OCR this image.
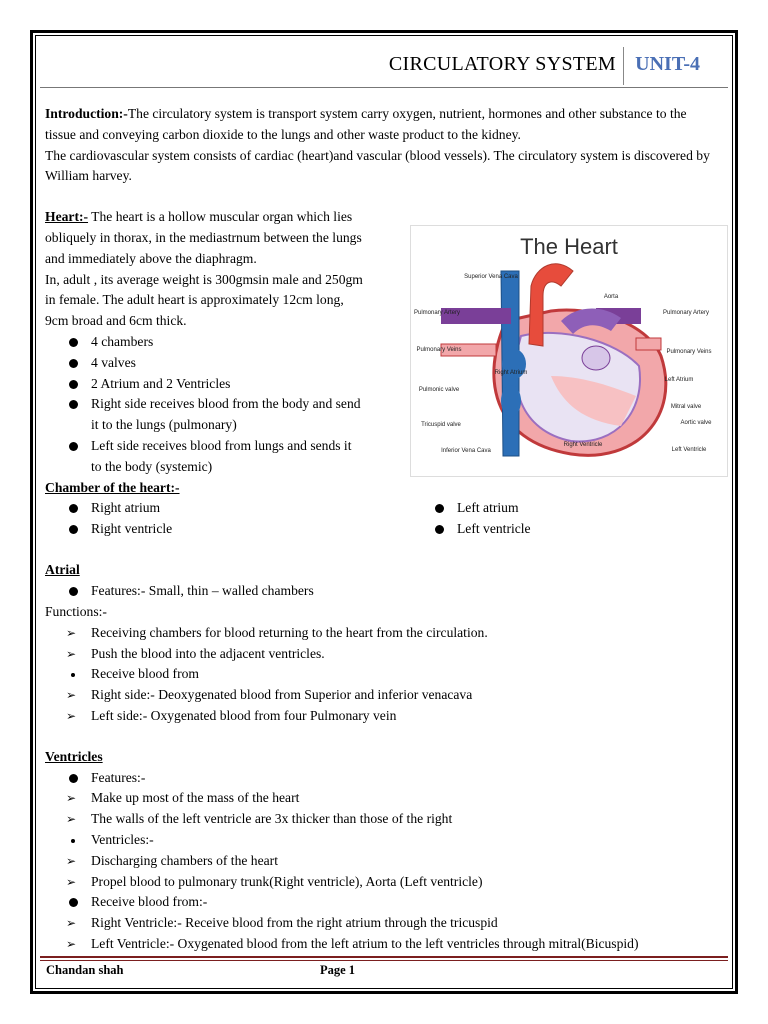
CIRCULATORY SYSTEM UNIT-4

Introduction:-The circulatory system is transport system carry oxygen, nutrient, hormones and other substance to the tissue and conveying carbon dioxide to the lungs and other waste product to the kidney.

The cardiovascular system consists of cardiac (heart)and vascular (blood vessels). The circulatory system is discovered by William harvey.

Heart:- The heart is a hollow muscular organ which lies obliquely in thorax, in the mediastrnum between the lungs and immediately above the diaphragm.

In, adult , its average weight is 300gmsin male and 250gm in female. The adult heart is approximately 12cm long, 9cm broad and 6cm thick.

4 chambers
4 valves
2 Atrium and 2 Ventricles
Right side receives blood from the body and send it to the lungs (pulmonary)
Left side receives blood from lungs and sends it to the body (systemic)

Chamber of the heart:-

Right atrium
Right ventricle
Left atrium
Left ventricle

Atrial

Features:- Small, thin – walled chambers

Functions:-

➢ Receiving chambers for blood returning to the heart from the circulation.
➢ Push the blood into the adjacent ventricles.
Receive blood from
➢ Right side:- Deoxygenated blood from Superior and inferior venacava
➢ Left side:- Oxygenated blood from four Pulmonary vein

Ventricles

Features:-
➢ Make up most of the mass of the heart
➢ The walls of the left ventricle are 3x thicker than those of the right
Ventricles:-
➢ Discharging chambers of the heart
➢ Propel blood to pulmonary trunk(Right ventricle), Aorta (Left ventricle)
Receive blood from:-
➢ Right Ventricle:- Receive blood from the right atrium through the tricuspid
➢ Left Ventricle:- Oxygenated blood from the left atrium to the left ventricles through mitral(Bicuspid)
The Heart
Superior Vena Cava
Aorta
Pulmonary Artery	Pulmonary Artery
Pulmonary Veins	Pulmonary Veins
Right Atrium
Left Atrium
Pulmonic valve
Mitral valve
Tricuspid valve	Aortic valve
Inferior Vena Cava
Right Ventricle
Left Ventricle
Chandan shah	Page 1
